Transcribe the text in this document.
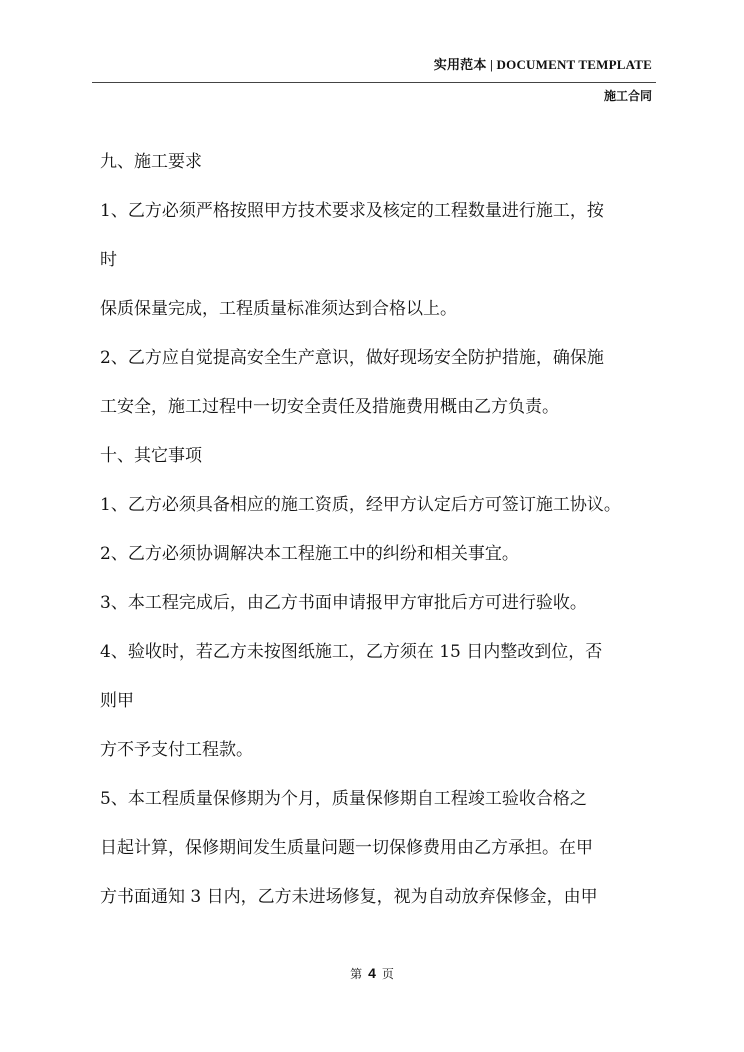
实用范本 | DOCUMENT TEMPLATE
施工合同
九、施工要求
1、乙方必须严格按照甲方技术要求及核定的工程数量进行施工，按
时
保质保量完成，工程质量标准须达到合格以上。
2、乙方应自觉提高安全生产意识，做好现场安全防护措施，确保施
工安全，施工过程中一切安全责任及措施费用概由乙方负责。
十、其它事项
1、乙方必须具备相应的施工资质，经甲方认定后方可签订施工协议。
2、乙方必须协调解决本工程施工中的纠纷和相关事宜。
3、本工程完成后，由乙方书面申请报甲方审批后方可进行验收。
4、验收时，若乙方未按图纸施工，乙方须在 15 日内整改到位，否
则甲
方不予支付工程款。
5、本工程质量保修期为个月，质量保修期自工程竣工验收合格之
日起计算，保修期间发生质量问题一切保修费用由乙方承担。在甲
方书面通知 3 日内，乙方未进场修复，视为自动放弃保修金，由甲
第 4 页
